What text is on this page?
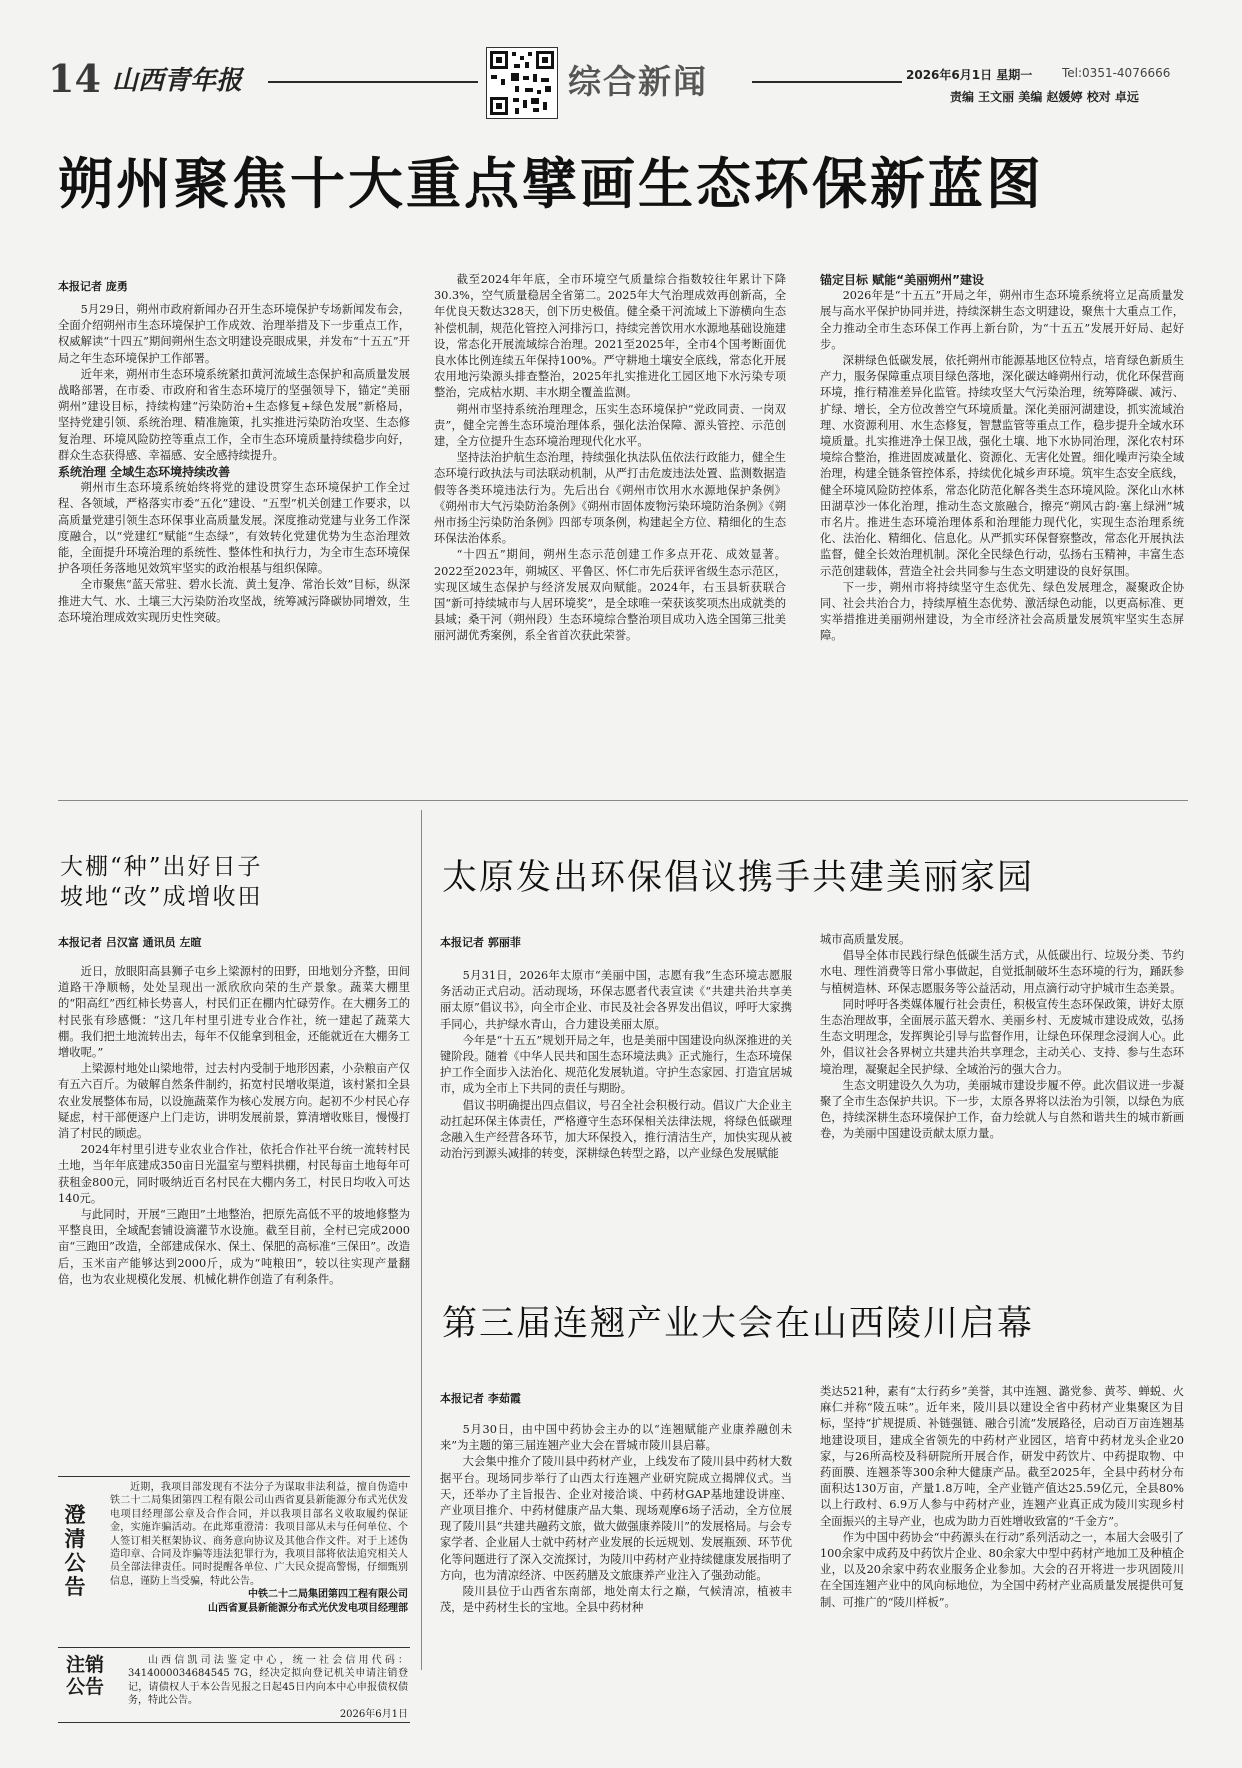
14 山西青年报	综合新闻	2026年6月1日 星期一 Tel:0351-4076666
责编 王文丽 美编 赵媛婷 校对 卓远
朔州聚焦十大重点擘画生态环保新蓝图
本报记者 庞勇

5月29日，朔州市政府新闻办召开生态环境保护专场新闻发布会，全面介绍朔州市生态环境保护工作成效、治理举措及下一步重点工作，权威解读“十四五”期间朔州生态文明建设亮眼成果，并发布“十五五”开局之年生态环境保护工作部署。

近年来，朔州市生态环境系统紧扣黄河流域生态保护和高质量发展战略部署，在市委、市政府和省生态环境厅的坚强领导下，锚定“美丽朔州”建设目标，持续构建“污染防治+生态修复+绿色发展”新格局，坚持党建引领、系统治理、精准施策，扎实推进污染防治攻坚、生态修复治理、环境风险防控等重点工作，全市生态环境质量持续稳步向好，群众生态获得感、幸福感、安全感持续提升。

系统治理 全域生态环境持续改善

朔州市生态环境系统始终将党的建设贯穿生态环境保护工作全过程、各领域，严格落实市委“五化”建设、“五型”机关创建工作要求，以高质量党建引领生态环保事业高质量发展。深度推动党建与业务工作深度融合，以“党建红”赋能“生态绿”，有效转化党建优势为生态治理效能，全面提升环境治理的系统性、整体性和执行力，为全市生态环境保护各项任务落地见效筑牢坚实的政治根基与组织保障。

全市聚焦“蓝天常驻、碧水长流、黄土复净、常治长效”目标，纵深推进大气、水、土壤三大污染防治攻坚战，统筹减污降碳协同增效，生态环境治理成效实现历史性突破。

截至2024年年底，全市环境空气质量综合指数较往年累计下降30.3%，空气质量稳居全省第二。2025年大气治理成效再创新高，全年优良天数达328天，创下历史极值。健全桑干河流域上下游横向生态补偿机制，规范化管控入河排污口，持续完善饮用水水源地基础设施建设，常态化开展流域综合治理。2021至2025年，全市4个国考断面优良水体比例连续五年保持100%。严守耕地土壤安全底线，常态化开展农用地污染源头排查整治，2025年扎实推进化工园区地下水污染专项整治，完成枯水期、丰水期全覆盖监测。

朔州市坚持系统治理理念，压实生态环境保护“党政同责、一岗双责”，健全完善生态环境治理体系，强化法治保障、源头管控、示范创建，全方位提升生态环境治理现代化水平。

坚持法治护航生态治理，持续强化执法队伍依法行政能力，健全生态环境行政执法与司法联动机制，从严打击危废违法处置、监测数据造假等各类环境违法行为。先后出台《朔州市饮用水水源地保护条例》《朔州市大气污染防治条例》《朔州市固体废物污染环境防治条例》《朔州市扬尘污染防治条例》四部专项条例，构建起全方位、精细化的生态环保法治体系。

“十四五”期间，朔州生态示范创建工作多点开花、成效显著。2022至2023年，朔城区、平鲁区、怀仁市先后获评省级生态示范区，实现区域生态保护与经济发展双向赋能。2024年，右玉县斩获联合国“新可持续城市与人居环境奖”，是全球唯一荣获该奖项杰出成就类的县域；桑干河（朔州段）生态环境综合整治项目成功入选全国第三批美丽河湖优秀案例，系全省首次获此荣誉。

锚定目标 赋能“美丽朔州”建设

2026年是“十五五”开局之年，朔州市生态环境系统将立足高质量发展与高水平保护协同并进，持续深耕生态文明建设，聚焦十大重点工作，全力推动全市生态环保工作再上新台阶，为“十五五”发展开好局、起好步。

深耕绿色低碳发展，依托朔州市能源基地区位特点，培育绿色新质生产力，服务保障重点项目绿色落地，深化碳达峰朔州行动，优化环保营商环境，推行精准差异化监管。持续攻坚大气污染治理，统筹降碳、减污、扩绿、增长，全方位改善空气环境质量。深化美丽河湖建设，抓实流域治理、水资源利用、水生态修复，智慧监管等重点工作，稳步提升全域水环境质量。扎实推进净土保卫战，强化土壤、地下水协同治理，深化农村环境综合整治，推进固废减量化、资源化、无害化处置。细化噪声污染全域治理，构建全链条管控体系，持续优化城乡声环境。筑牢生态安全底线，健全环境风险防控体系，常态化防范化解各类生态环境风险。深化山水林田湖草沙一体化治理，推动生态文旅融合，擦亮“朔风古韵·塞上绿洲”城市名片。推进生态环境治理体系和治理能力现代化，实现生态治理系统化、法治化、精细化、信息化。从严抓实环保督察整改，常态化开展执法监督，健全长效治理机制。深化全民绿色行动，弘扬右玉精神，丰富生态示范创建载体，营造全社会共同参与生态文明建设的良好氛围。

下一步，朔州市将持续坚守生态优先、绿色发展理念，凝聚政企协同、社会共治合力，持续厚植生态优势、激活绿色动能，以更高标准、更实举措推进美丽朔州建设，为全市经济社会高质量发展筑牢坚实生态屏障。

大棚“种”出好日子
坡地“改”成增收田
本报记者 吕汉富 通讯员 左暄

近日，放眼阳高县狮子屯乡上梁源村的田野，田地划分齐整，田间道路干净顺畅，处处呈现出一派欣欣向荣的生产景象。蔬菜大棚里的“阳高红”西红柿长势喜人，村民们正在棚内忙碌劳作。在大棚务工的村民张有珍感慨：“这几年村里引进专业合作社，统一建起了蔬菜大棚。我们把土地流转出去，每年不仅能拿到租金，还能就近在大棚务工增收呢。”

上梁源村地处山梁地带，过去村内受制于地形因素，小杂粮亩产仅有五六百斤。为破解自然条件制约，拓宽村民增收渠道，该村紧扣全县农业发展整体布局，以设施蔬菜作为核心发展方向。起初不少村民心存疑虑，村干部便逐户上门走访，讲明发展前景，算清增收账目，慢慢打消了村民的顾虑。

2024年村里引进专业农业合作社，依托合作社平台统一流转村民土地，当年年底建成350亩日光温室与塑料拱棚，村民每亩土地每年可获租金800元，同时吸纳近百名村民在大棚内务工，村民日均收入可达140元。

与此同时，开展“三跑田”土地整治，把原先高低不平的坡地修整为平整良田，全域配套铺设滴灌节水设施。截至目前，全村已完成2000亩“三跑田”改造，全部建成保水、保土、保肥的高标准“三保田”。改造后，玉米亩产能够达到2000斤，成为“吨粮田”，较以往实现产量翻倍，也为农业规模化发展、机械化耕作创造了有利条件。

太原发出环保倡议携手共建美丽家园
本报记者 郭丽菲

5月31日，2026年太原市“美丽中国，志愿有我”生态环境志愿服务活动正式启动。活动现场，环保志愿者代表宣读《“共建共治共享美丽太原”倡议书》，向全市企业、市民及社会各界发出倡议，呼吁大家携手同心，共护绿水青山，合力建设美丽太原。

今年是“十五五”规划开局之年，也是美丽中国建设向纵深推进的关键阶段。随着《中华人民共和国生态环境法典》正式施行，生态环境保护工作全面步入法治化、规范化发展轨道。守护生态家园、打造宜居城市，成为全市上下共同的责任与期盼。

倡议书明确提出四点倡议，号召全社会积极行动。倡议广大企业主动扛起环保主体责任，严格遵守生态环保相关法律法规，将绿色低碳理念融入生产经营各环节，加大环保投入，推行清洁生产，加快实现从被动治污到源头减排的转变，深耕绿色转型之路，以产业绿色发展赋能

城市高质量发展。

倡导全体市民践行绿色低碳生活方式，从低碳出行、垃圾分类、节约水电、理性消费等日常小事做起，自觉抵制破坏生态环境的行为，踊跃参与植树造林、环保志愿服务等公益活动，用点滴行动守护城市生态美景。

同时呼吁各类媒体履行社会责任，积极宣传生态环保政策，讲好太原生态治理故事，全面展示蓝天碧水、美丽乡村、无废城市建设成效，弘扬生态文明理念，发挥舆论引导与监督作用，让绿色环保理念浸润人心。此外，倡议社会各界树立共建共治共享理念，主动关心、支持、参与生态环境治理，凝聚起全民护绿、全域治污的强大合力。

生态文明建设久久为功，美丽城市建设步履不停。此次倡议进一步凝聚了全市生态保护共识。下一步，太原各界将以法治为引领，以绿色为底色，持续深耕生态环境保护工作，奋力绘就人与自然和谐共生的城市新画卷，为美丽中国建设贡献太原力量。

第三届连翘产业大会在山西陵川启幕
本报记者 李茹霞

5月30日，由中国中药协会主办的以“连翘赋能产业康养融创未来”为主题的第三届连翘产业大会在晋城市陵川县启幕。

大会集中推介了陵川县中药材产业，上线发布了陵川县中药材大数据平台。现场同步举行了山西太行连翘产业研究院成立揭牌仪式。当天，还举办了主旨报告、企业对接洽谈、中药材GAP基地建设讲座、产业项目推介、中药材健康产品大集、现场观摩6场子活动，全方位展现了陵川县“共建共融药文旅，做大做强康养陵川”的发展格局。与会专家学者、企业届人士就中药材产业发展的长远规划、发展瓶颈、环节优化等问题进行了深入交流探讨，为陵川中药材产业持续健康发展指明了方向，也为清凉经济、中医药膳及文旅康养产业注入了强劲动能。

陵川县位于山西省东南部，地处南太行之巅，气候清凉，植被丰茂，是中药材生长的宝地。全县中药材种

类达521种，素有“太行药乡”美誉，其中连翘、潞党参、黄芩、蝉蜕、火麻仁并称“陵五味”。近年来，陵川县以建设全省中药材产业集聚区为目标，坚持“扩规提质、补链强链、融合引流”发展路径，启动百万亩连翘基地建设项目，建成全省领先的中药材产业园区，培育中药材龙头企业20家，与26所高校及科研院所开展合作，研发中药饮片、中药提取物、中药面膜、连翘茶等300余种大健康产品。截至2025年，全县中药材分布面积达130万亩，产量1.8万吨，全产业链产值达25.59亿元，全县80%以上行政村、6.9万人参与中药材产业，连翘产业真正成为陵川实现乡村全面振兴的主导产业，也成为助力百姓增收致富的“千金方”。

作为中国中药协会“中药源头在行动”系列活动之一，本届大会吸引了100余家中成药及中药饮片企业、80余家大中型中药材产地加工及种植企业，以及20余家中药农业服务企业参加。大会的召开将进一步巩固陵川在全国连翘产业中的风向标地位，为全国中药材产业高质量发展提供可复制、可推广的“陵川样板”。

澄清公告

近期，我项目部发现有不法分子为谋取非法利益，擅自伪造中铁二十二局集团第四工程有限公司山西省夏县新能源分布式光伏发电项目经理部公章及合作合同，并以我项目部名义收取履约保证金，实施诈骗活动。在此郑重澄清：我项目部从未与任何单位、个人签订相关框架协议、商务意向协议及其他合作文件。对于上述伪造印章、合同及诈骗等违法犯罪行为，我项目部将依法追究相关人员全部法律责任。同时提醒各单位、广大民众提高警惕，仔细甄别信息，谨防上当受骗，特此公告。

中铁二十二局集团第四工程有限公司
山西省夏县新能源分布式光伏发电项目经理部
注销公告

山西信凯司法鉴定中心，统一社会信用代码：3414000034684545 7G，经决定拟向登记机关申请注销登记，请债权人于本公告见报之日起45日内向本中心申报债权债务，特此公告。

2026年6月1日
